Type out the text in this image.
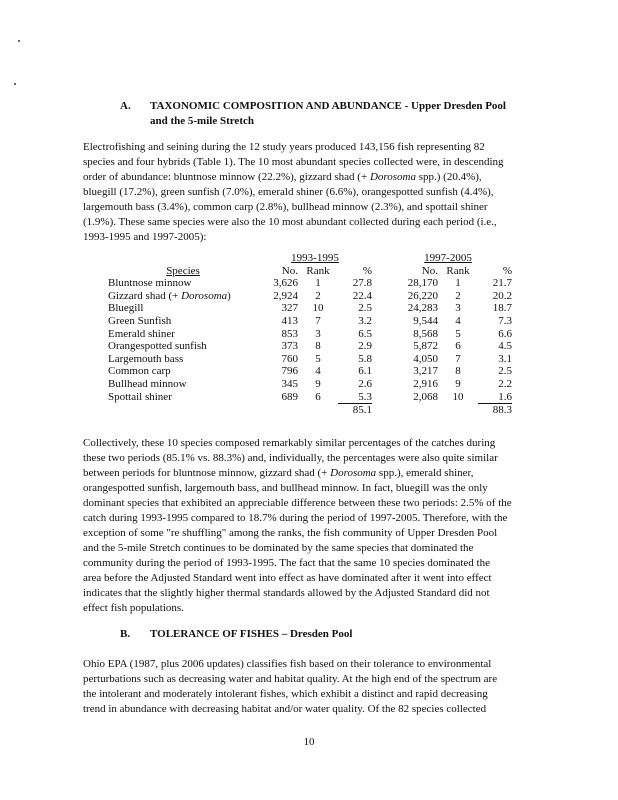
A. TAXONOMIC COMPOSITION AND ABUNDANCE - Upper Dresden Pool
and the 5-mile Stretch

Electrofishing and seining during the 12 study years produced 143,156 fish representing 82
species and four hybrids (Table 1). The 10 most abundant species collected were, in descending
order of abundance: bluntnose minnow (22.2%), gizzard shad (+ Dorosoma spp.) (20.4%),
bluegill (17.2%), green sunfish (7.0%), emerald shiner (6.6%), orangespotted sunfish (4.4%),
largemouth bass (3.4%), common carp (2.8%), bullhead minnow (2.3%), and spottail shiner
(1.9%). These same species were also the 10 most abundant collected during each period (i.e.,
1993-1995 and 1997-2005):

	1993-1995				1997-2005		
Species	No.	Rank	%		No.	Rank	%
Bluntnose minnow	3,626	1	27.8		28,170	1	21.7
Gizzard shad (+ Dorosoma)	2,924	2	22.4		26,220	2	20.2
Bluegill	327	10	2.5		24,283	3	18.7
Green Sunfish	413	7	3.2		9,544	4	7.3
Emerald shiner	853	3	6.5		8,568	5	6.6
Orangespotted sunfish	373	8	2.9		5,872	6	4.5
Largemouth bass	760	5	5.8		4,050	7	3.1
Common carp	796	4	6.1		3,217	8	2.5
Bullhead minnow	345	9	2.6		2,916	9	2.2
Spottail shiner	689	6	5.3		2,068	10	1.6
			85.1				88.3

Collectively, these 10 species composed remarkably similar percentages of the catches during
these two periods (85.1% vs. 88.3%) and, individually, the percentages were also quite similar
between periods for bluntnose minnow, gizzard shad (+ Dorosoma spp.), emerald shiner,
orangespotted sunfish, largemouth bass, and bullhead minnow. In fact, bluegill was the only
dominant species that exhibited an appreciable difference between these two periods: 2.5% of the
catch during 1993-1995 compared to 18.7% during the period of 1997-2005. Therefore, with the
exception of some "re shuffling" among the ranks, the fish community of Upper Dresden Pool
and the 5-mile Stretch continues to be dominated by the same species that dominated the
community during the period of 1993-1995. The fact that the same 10 species dominated the
area before the Adjusted Standard went into effect as have dominated after it went into effect
indicates that the slightly higher thermal standards allowed by the Adjusted Standard did not
effect fish populations.

B. TOLERANCE OF FISHES – Dresden Pool

Ohio EPA (1987, plus 2006 updates) classifies fish based on their tolerance to environmental
perturbations such as decreasing water and habitat quality. At the high end of the spectrum are
the intolerant and moderately intolerant fishes, which exhibit a distinct and rapid decreasing
trend in abundance with decreasing habitat and/or water quality. Of the 82 species collected

10
